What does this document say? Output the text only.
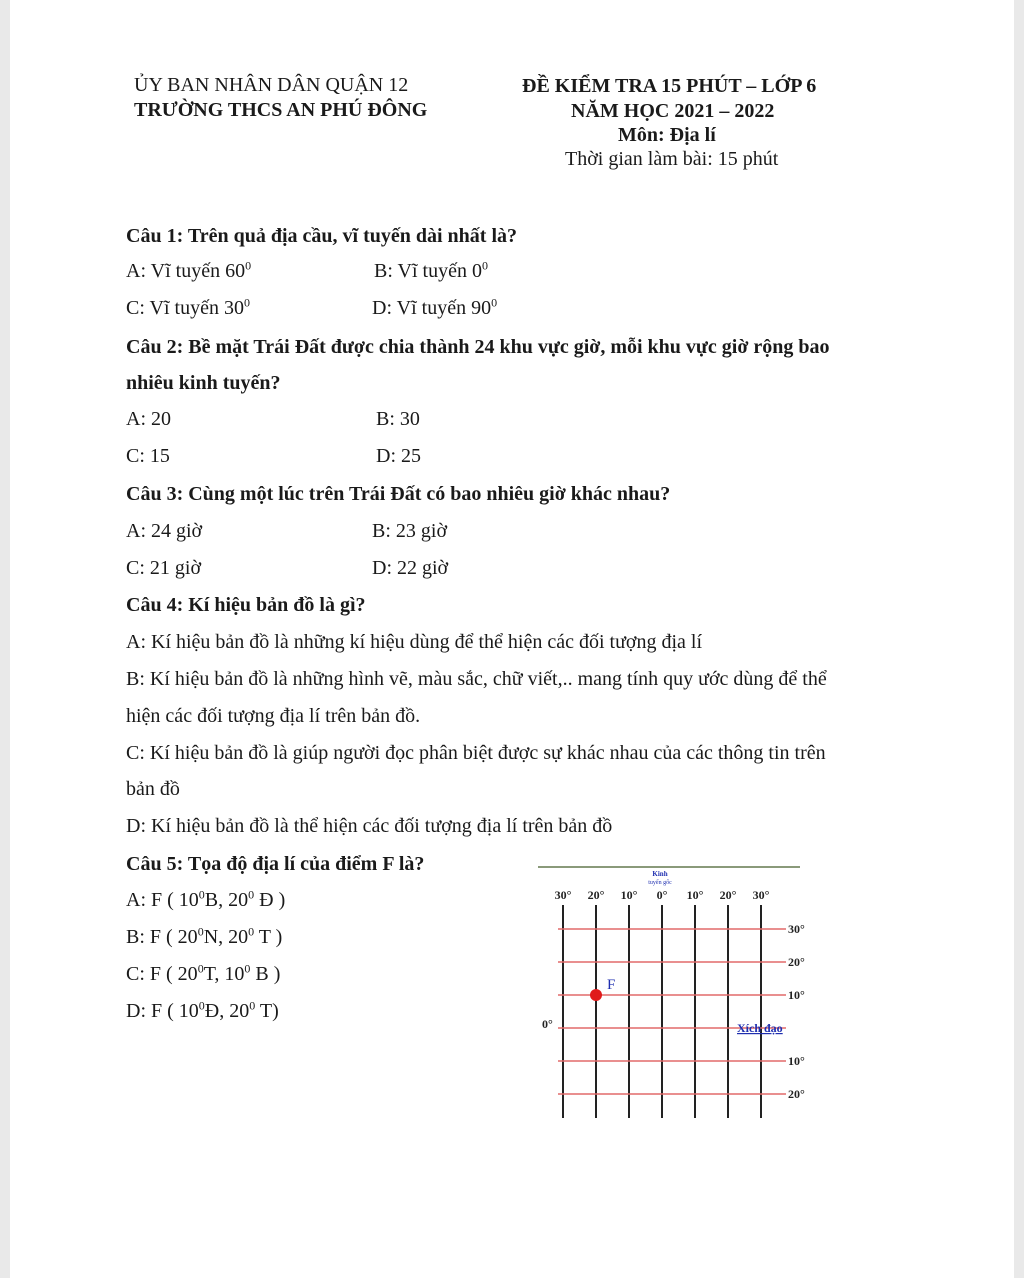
ỦY BAN NHÂN DÂN QUẬN 12
TRƯỜNG THCS AN PHÚ ĐÔNG
ĐỀ KIỂM TRA 15 PHÚT – LỚP 6
NĂM HỌC 2021 – 2022
Môn: Địa lí
Thời gian làm bài: 15 phút
Câu 1: Trên quả địa cầu, vĩ tuyến dài nhất là?
A: Vĩ tuyến $60^0$	B: Vĩ tuyến $0^0$
C: Vĩ tuyến $30^0$	D: Vĩ tuyến $90^0$
Câu 2: Bề mặt Trái Đất được chia thành 24 khu vực giờ, mỗi khu vực giờ rộng bao
nhiêu kinh tuyến?
A: 20	B: 30
C: 15	D: 25
Câu 3: Cùng một lúc trên Trái Đất có bao nhiêu giờ khác nhau?
A: 24 giờ	B: 23 giờ
C: 21 giờ	D: 22 giờ
Câu 4: Kí hiệu bản đồ là gì?
A: Kí hiệu bản đồ là những kí hiệu dùng để thể hiện các đối tượng địa lí
B: Kí hiệu bản đồ là những hình vẽ, màu sắc, chữ viết,.. mang tính quy ước dùng để thể
hiện các đối tượng địa lí trên bản đồ.
C: Kí hiệu bản đồ là giúp người đọc phân biệt được sự khác nhau của các thông tin trên
bản đồ
D: Kí hiệu bản đồ là thể hiện các đối tượng địa lí trên bản đồ
Câu 5: Tọa độ địa lí của điểm F là?
A: F ( $10^0B$, $20^0$ Đ )
B: F ( $20^0N$, $20^0$ T )
C: F ( $20^0T$, $10^0$ B )
D: F ( $10^0Đ$, $20^0$ T)
30° 20° 10° 0° 10° 20° 30°
30°
20°
10°
Xích đạo
10°
20°
Kinh
tuyến gốc
0°
F
